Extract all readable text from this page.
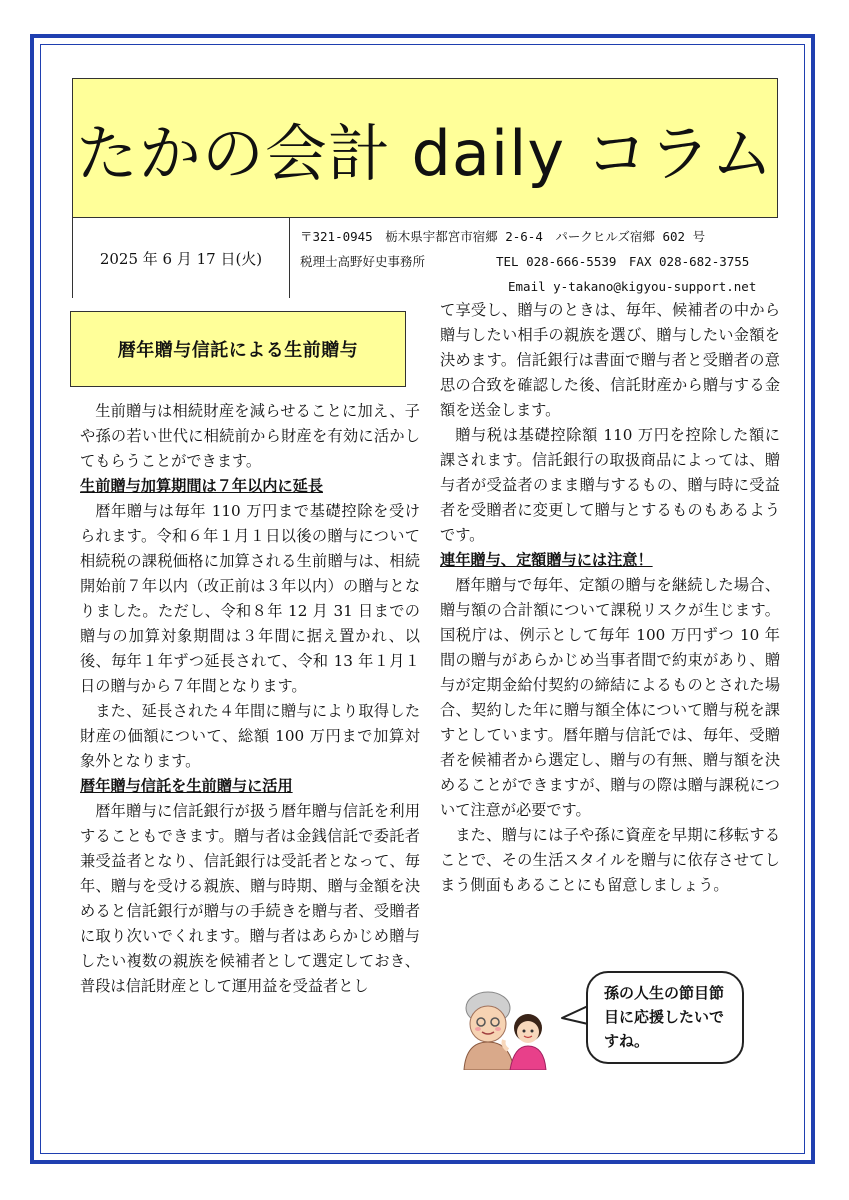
たかの会計 daily コラム
2025 年 6 月 17 日(火)
〒321-0945　栃木県宇都宮市宿郷 2-6-4　パークヒルズ宿郷 602 号
税理士高野好史事務所	TEL 028-666-5539　FAX 028-682-3755
Email y-takano@kigyou-support.net
暦年贈与信託による生前贈与

生前贈与は相続財産を減らせることに加え、子や孫の若い世代に相続前から財産を有効に活かしてもらうことができます。

生前贈与加算期間は７年以内に延長

暦年贈与は毎年 110 万円まで基礎控除を受けられます。令和６年１月１日以後の贈与について相続税の課税価格に加算される生前贈与は、相続開始前７年以内（改正前は３年以内）の贈与となりました。ただし、令和８年 12 月 31 日までの贈与の加算対象期間は３年間に据え置かれ、以後、毎年１年ずつ延長されて、令和 13 年１月１日の贈与から７年間となります。

また、延長された４年間に贈与により取得した財産の価額について、総額 100 万円まで加算対象外となります。

暦年贈与信託を生前贈与に活用

暦年贈与に信託銀行が扱う暦年贈与信託を利用することもできます。贈与者は金銭信託で委託者兼受益者となり、信託銀行は受託者となって、毎年、贈与を受ける親族、贈与時期、贈与金額を決めると信託銀行が贈与の手続きを贈与者、受贈者に取り次いでくれます。贈与者はあらかじめ贈与したい複数の親族を候補者として選定しておき、普段は信託財産として運用益を受益者とし

て享受し、贈与のときは、毎年、候補者の中から贈与したい相手の親族を選び、贈与したい金額を決めます。信託銀行は書面で贈与者と受贈者の意思の合致を確認した後、信託財産から贈与する金額を送金します。

贈与税は基礎控除額 110 万円を控除した額に課されます。信託銀行の取扱商品によっては、贈与者が受益者のまま贈与するもの、贈与時に受益者を受贈者に変更して贈与とするものもあるようです。

連年贈与、定額贈与には注意！

暦年贈与で毎年、定額の贈与を継続した場合、贈与額の合計額について課税リスクが生じます。国税庁は、例示として毎年 100 万円ずつ 10 年間の贈与があらかじめ当事者間で約束があり、贈与が定期金給付契約の締結によるものとされた場合、契約した年に贈与額全体について贈与税を課すとしています。暦年贈与信託では、毎年、受贈者を候補者から選定し、贈与の有無、贈与額を決めることができますが、贈与の際は贈与課税について注意が必要です。

また、贈与には子や孫に資産を早期に移転することで、その生活スタイルを贈与に依存させてしまう側面もあることにも留意しましょう。

孫の人生の節目節
目に応援したいで
すね。
